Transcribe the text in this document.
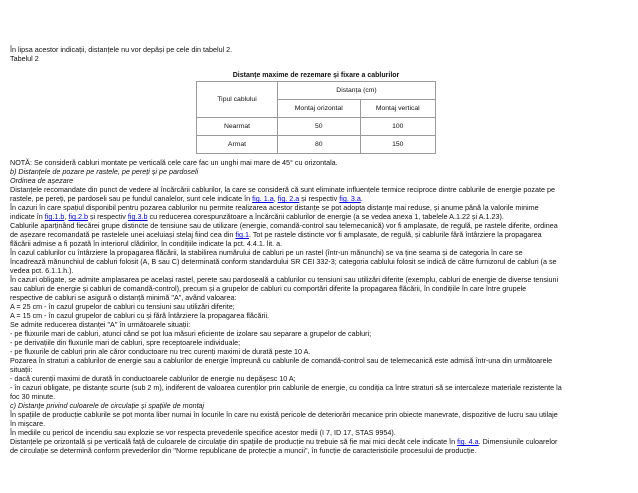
În lipsa acestor indicații, distanțele nu vor depăși pe cele din tabelul 2.
Tabelul 2
Distanțe maxime de rezemare și fixare a cablurilor
Tipul cablului	Distanța (cm)	
	Montaj orizontal	Montaj vertical
Nearmat	50	100
Armat	80	150
NOTĂ: Se consideră cabluri montate pe verticală cele care fac un unghi mai mare de 45° cu orizontala.
b) Distanțele de pozare pe rastele, pe pereți și pe pardoseli
Ordinea de așezare
Distanțele recomandate din punct de vedere al încărcării cablurilor, la care se consideră că sunt eliminate influențele termice reciproce dintre cablurile de energie pozate pe
rastele, pe pereți, pe pardoseli sau pe fundul canalelor, sunt cele indicate în fig. 1.a, fig. 2.a și respectiv fig. 3.a.
În cazuri în care spațiul disponibil pentru pozarea cablurilor nu permite realizarea acestor distanțe se pot adopta distanțe mai reduse, și anume până la valorile minime
indicate în fig.1.b, fig.2.b și respectiv fig.3.b cu reducerea corespunzătoare a încărcării cablurilor de energie (a se vedea anexa 1, tabelele A.1.22 și A.1.23).
Cablurile aparținând fiecărei grupe distincte de tensiune sau de utilizare (energie, comandă-control sau telemecanică) vor fi amplasate, de regulă, pe rastele diferite, ordinea
de așezare recomandată pe rastelele unei aceluiași stelaj fiind cea din fig.1. Tot pe rastele distincte vor fi amplasate, de regulă, și cablurile fără întârziere la propagarea
flăcării admise a fi pozată în interiorul clădirilor, în condițiile indicate la pct. 4.4.1. lit. a.
În cazul cablurilor cu întârziere la propagarea flăcării, la stabilirea numărului de cabluri pe un rastel (într-un mănunchi) se va ține seama și de categoria în care se
încadrează mănunchiul de cabluri folosit (A, B sau C) determinată conform standardului SR CEI 332-3; categoria cablului folosit se indică de către furnizorul de cabluri (a se
vedea pct. 6.1.1.h.).
În cazuri obligate, se admite amplasarea pe același rastel, perete sau pardoseală a cablurilor cu tensiuni sau utilizări diferite (exemplu, cabluri de energie de diverse tensiuni
sau cabluri de energie și cabluri de comandă-control), precum și a grupelor de cabluri cu comportări diferite la propagarea flăcării, în condițiile în care între grupele
respective de cabluri se asigură o distanță minimă "A", având valoarea:
A = 25 cm - în cazul grupelor de cabluri cu tensiuni sau utilizări diferite;
A = 15 cm - în cazul grupelor de cabluri cu și fără întârziere la propagarea flăcării.
Se admite reducerea distanței "A" în următoarele situații:
- pe fluxurile mari de cabluri, atunci când se pot lua măsuri eficiente de izolare sau separare a grupelor de cabluri;
- pe derivațiile din fluxurile mari de cabluri, spre receptoarele individuale;
- pe fluxurile de cabluri prin ale căror conductoare nu trec curenți maximi de durată peste 10 A.
Pozarea în straturi a cablurilor de energie sau a cablurilor de energie împreună cu cablurile de comandă-control sau de telemecanică este admisă într-una din următoarele
situații:
- dacă curenții maximi de durată în conductoarele cablurilor de energie nu depășesc 10 A;
- în cazuri obligate, pe distanțe scurte (sub 2 m), indiferent de valoarea curenților prin cablurile de energie, cu condiția ca între straturi să se intercaleze materiale rezistente la
foc 30 minute.
c) Distanțe privind culoarele de circulație și spațiile de montaj
În spațiile de producție cablurile se pot monta liber numai în locurile în care nu există pericole de deteriorări mecanice prin obiecte manevrate, dispozitive de lucru sau utilaje
în mișcare.
În mediile cu pericol de incendiu sau explozie se vor respecta prevederile specifice acestor medii (I 7, ID 17, STAS 9954).
Distanțele pe orizontală și pe verticală față de culoarele de circulație din spațiile de producție nu trebuie să fie mai mici decât cele indicate în fig. 4.a. Dimensiunile culoarelor
de circulație se determină conform prevederilor din "Norme republicane de protecție a muncii", în funcție de caracteristicile procesului de producție.
